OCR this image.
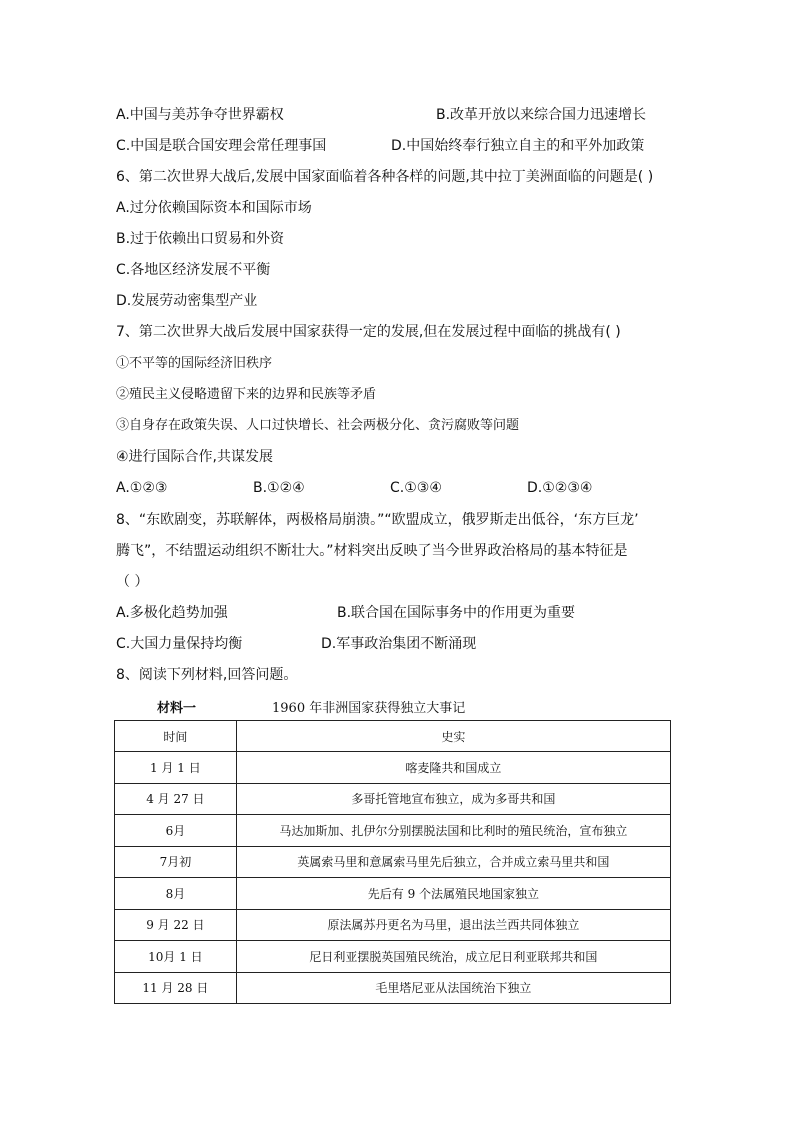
A.中国与美苏争夺世界霸权	B.改革开放以来综合国力迅速增长
C.中国是联合国安理会常任理事国	D.中国始终奉行独立自主的和平外加政策
6、第二次世界大战后,发展中国家面临着各种各样的问题,其中拉丁美洲面临的问题是( )
A.过分依赖国际资本和国际市场
B.过于依赖出口贸易和外资
C.各地区经济发展不平衡
D.发展劳动密集型产业
7、第二次世界大战后发展中国家获得一定的发展,但在发展过程中面临的挑战有( )
①不平等的国际经济旧秩序
②殖民主义侵略遗留下来的边界和民族等矛盾
③自身存在政策失误、人口过快增长、社会两极分化、贪污腐败等问题
④进行国际合作,共谋发展
A.①②③	B.①②④	C.①③④	D.①②③④
8、“东欧剧变，苏联解体，两极格局崩溃。”“欧盟成立，俄罗斯走出低谷，‘东方巨龙’
腾飞”，不结盟运动组织不断壮大。”材料突出反映了当今世界政治格局的基本特征是
（ ）
A.多极化趋势加强	B.联合国在国际事务中的作用更为重要
C.大国力量保持均衡	D.军事政治集团不断涌现
8、阅读下列材料,回答问题。
材料一	1960 年非洲国家获得独立大事记
时间	史实
1 月 1 日	喀麦隆共和国成立
4 月 27 日	多哥托管地宣布独立，成为多哥共和国
6月	马达加斯加、扎伊尔分别摆脱法国和比利时的殖民统治，宣布独立
7月初	英属索马里和意属索马里先后独立，合并成立索马里共和国
8月	先后有 9 个法属殖民地国家独立
9 月 22 日	原法属苏丹更名为马里，退出法兰西共同体独立
10月 1 日	尼日利亚摆脱英国殖民统治，成立尼日利亚联邦共和国
11 月 28 日	毛里塔尼亚从法国统治下独立
